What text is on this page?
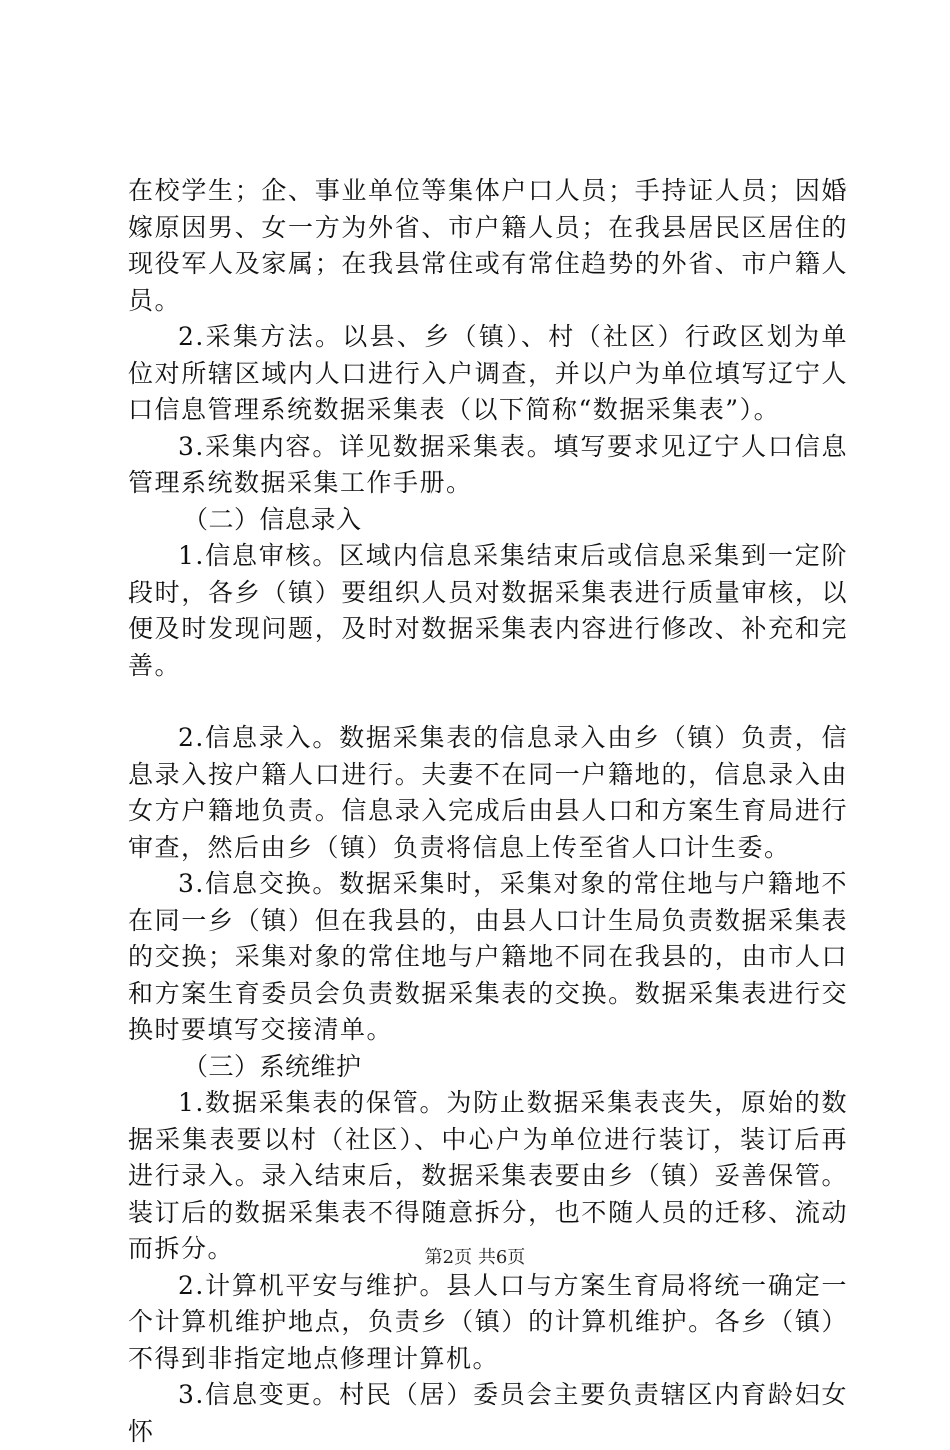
在校学生；企、事业单位等集体户口人员；手持证人员；因婚嫁原因男、女一方为外省、市户籍人员；在我县居民区居住的现役军人及家属；在我县常住或有常住趋势的外省、市户籍人员。

2.采集方法。以县、乡（镇）、村（社区）行政区划为单位对所辖区域内人口进行入户调查，并以户为单位填写辽宁人口信息管理系统数据采集表（以下简称“数据采集表”）。

3.采集内容。详见数据采集表。填写要求见辽宁人口信息管理系统数据采集工作手册。

（二）信息录入

1.信息审核。区域内信息采集结束后或信息采集到一定阶段时，各乡（镇）要组织人员对数据采集表进行质量审核，以便及时发现问题，及时对数据采集表内容进行修改、补充和完善。

2.信息录入。数据采集表的信息录入由乡（镇）负责，信息录入按户籍人口进行。夫妻不在同一户籍地的，信息录入由女方户籍地负责。信息录入完成后由县人口和方案生育局进行审查，然后由乡（镇）负责将信息上传至省人口计生委。

3.信息交换。数据采集时，采集对象的常住地与户籍地不在同一乡（镇）但在我县的，由县人口计生局负责数据采集表的交换；采集对象的常住地与户籍地不同在我县的，由市人口和方案生育委员会负责数据采集表的交换。数据采集表进行交换时要填写交接清单。

（三）系统维护

1.数据采集表的保管。为防止数据采集表丧失，原始的数据采集表要以村（社区）、中心户为单位进行装订，装订后再进行录入。录入结束后，数据采集表要由乡（镇）妥善保管。装订后的数据采集表不得随意拆分，也不随人员的迁移、流动而拆分。

2.计算机平安与维护。县人口与方案生育局将统一确定一个计算机维护地点，负责乡（镇）的计算机维护。各乡（镇）不得到非指定地点修理计算机。

3.信息变更。村民（居）委员会主要负责辖区内育龄妇女怀

第2页 共6页
